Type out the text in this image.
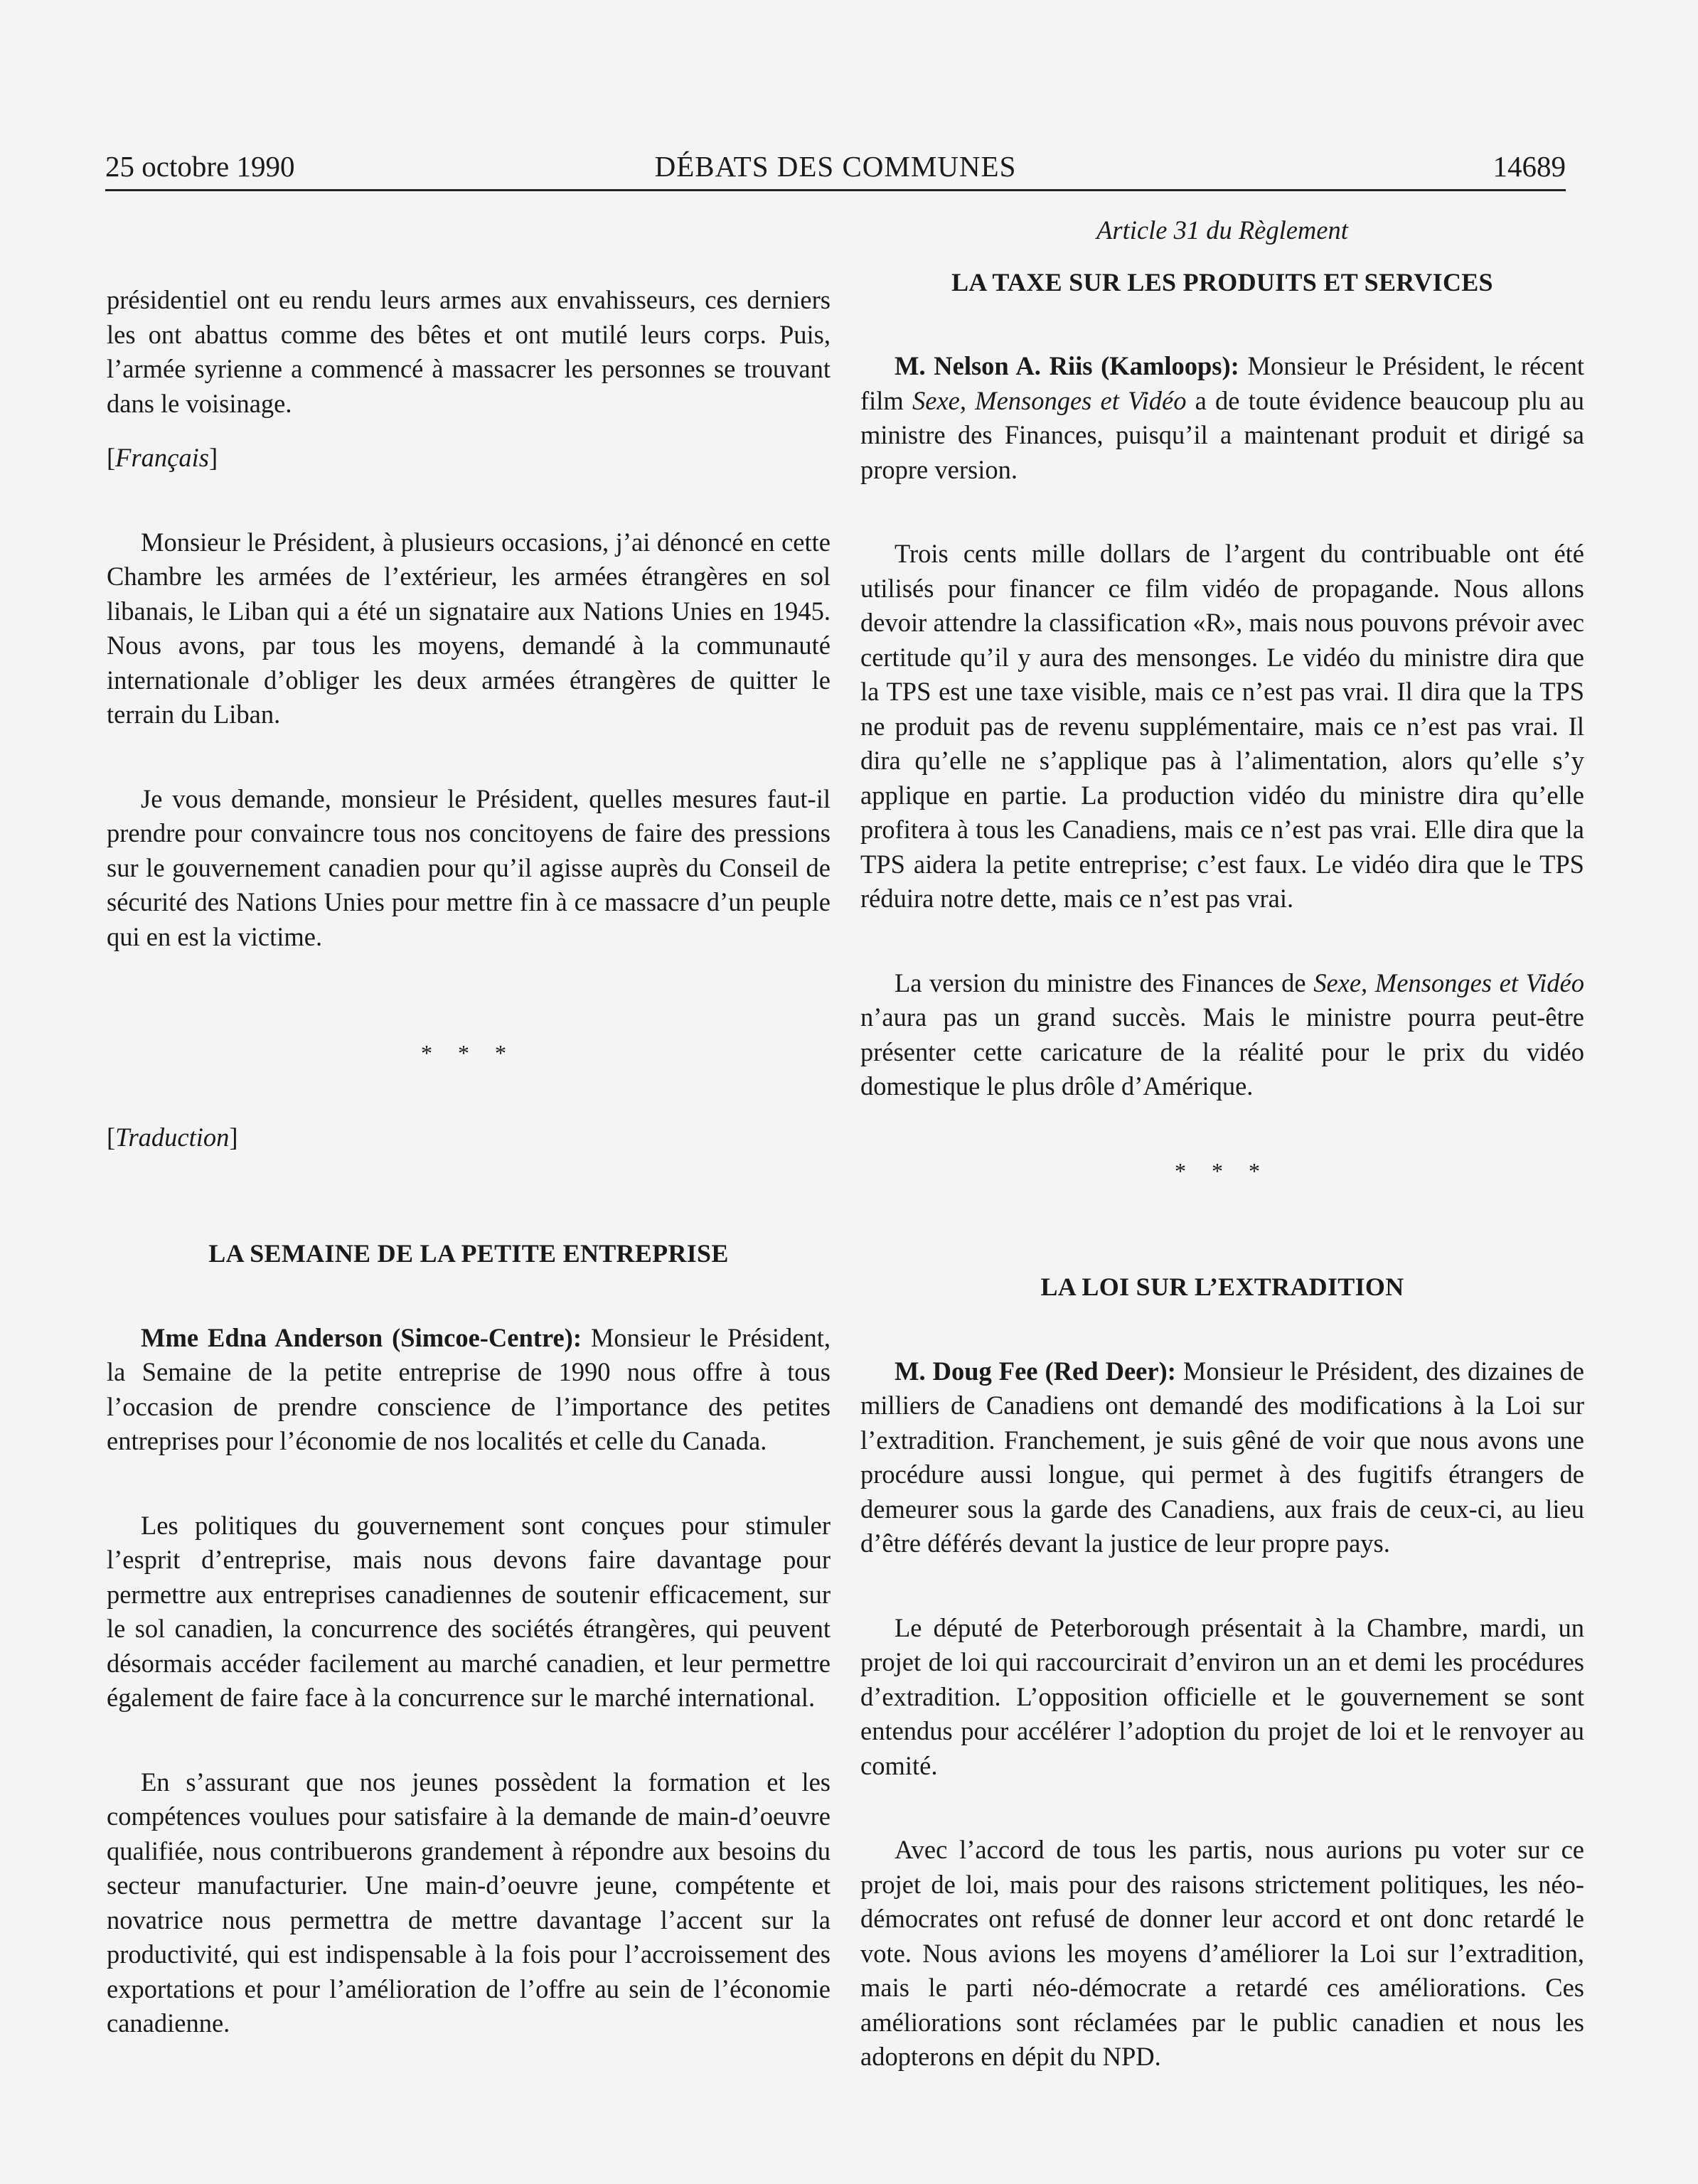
25 octobre 1990	DÉBATS DES COMMUNES	14689

présidentiel ont eu rendu leurs armes aux envahisseurs, ces derniers les ont abattus comme des bêtes et ont mutilé leurs corps. Puis, l’armée syrienne a commencé à massacrer les personnes se trouvant dans le voisinage.

[Français]

Monsieur le Président, à plusieurs occasions, j’ai dénoncé en cette Chambre les armées de l’extérieur, les armées étrangères en sol libanais, le Liban qui a été un signataire aux Nations Unies en 1945. Nous avons, par tous les moyens, demandé à la communauté internationale d’obliger les deux armées étrangères de quitter le terrain du Liban.

Je vous demande, monsieur le Président, quelles mesures faut-il prendre pour convaincre tous nos concitoyens de faire des pressions sur le gouvernement canadien pour qu’il agisse auprès du Conseil de sécurité des Nations Unies pour mettre fin à ce massacre d’un peuple qui en est la victime.

* * *

[Traduction]

LA SEMAINE DE LA PETITE ENTREPRISE

Mme Edna Anderson (Simcoe-Centre): Monsieur le Président, la Semaine de la petite entreprise de 1990 nous offre à tous l’occasion de prendre conscience de l’importance des petites entreprises pour l’économie de nos localités et celle du Canada.

Les politiques du gouvernement sont conçues pour stimuler l’esprit d’entreprise, mais nous devons faire davantage pour permettre aux entreprises canadiennes de soutenir efficacement, sur le sol canadien, la concurrence des sociétés étrangères, qui peuvent désormais accéder facilement au marché canadien, et leur permettre également de faire face à la concurrence sur le marché international.

En s’assurant que nos jeunes possèdent la formation et les compétences voulues pour satisfaire à la demande de main-d’oeuvre qualifiée, nous contribuerons grandement à répondre aux besoins du secteur manufacturier. Une main-d’oeuvre jeune, compétente et novatrice nous permettra de mettre davantage l’accent sur la productivité, qui est indispensable à la fois pour l’accroissement des exportations et pour l’amélioration de l’offre au sein de l’économie canadienne.

Article 31 du Règlement

LA TAXE SUR LES PRODUITS ET SERVICES

M. Nelson A. Riis (Kamloops): Monsieur le Président, le récent film Sexe, Mensonges et Vidéo a de toute évidence beaucoup plu au ministre des Finances, puisqu’il a maintenant produit et dirigé sa propre version.

Trois cents mille dollars de l’argent du contribuable ont été utilisés pour financer ce film vidéo de propagande. Nous allons devoir attendre la classification «R», mais nous pouvons prévoir avec certitude qu’il y aura des mensonges. Le vidéo du ministre dira que la TPS est une taxe visible, mais ce n’est pas vrai. Il dira que la TPS ne produit pas de revenu supplémentaire, mais ce n’est pas vrai. Il dira qu’elle ne s’applique pas à l’alimentation, alors qu’elle s’y applique en partie. La production vidéo du ministre dira qu’elle profitera à tous les Canadiens, mais ce n’est pas vrai. Elle dira que la TPS aidera la petite entreprise; c’est faux. Le vidéo dira que le TPS réduira notre dette, mais ce n’est pas vrai.

La version du ministre des Finances de Sexe, Mensonges et Vidéo n’aura pas un grand succès. Mais le ministre pourra peut-être présenter cette caricature de la réalité pour le prix du vidéo domestique le plus drôle d’Amérique.

* * *

LA LOI SUR L’EXTRADITION

M. Doug Fee (Red Deer): Monsieur le Président, des dizaines de milliers de Canadiens ont demandé des modifications à la Loi sur l’extradition. Franchement, je suis gêné de voir que nous avons une procédure aussi longue, qui permet à des fugitifs étrangers de demeurer sous la garde des Canadiens, aux frais de ceux-ci, au lieu d’être déférés devant la justice de leur propre pays.

Le député de Peterborough présentait à la Chambre, mardi, un projet de loi qui raccourcirait d’environ un an et demi les procédures d’extradition. L’opposition officielle et le gouvernement se sont entendus pour accélérer l’adoption du projet de loi et le renvoyer au comité.

Avec l’accord de tous les partis, nous aurions pu voter sur ce projet de loi, mais pour des raisons strictement politiques, les néo-démocrates ont refusé de donner leur accord et ont donc retardé le vote. Nous avions les moyens d’améliorer la Loi sur l’extradition, mais le parti néo-démocrate a retardé ces améliorations. Ces améliorations sont réclamées par le public canadien et nous les adopterons en dépit du NPD.
